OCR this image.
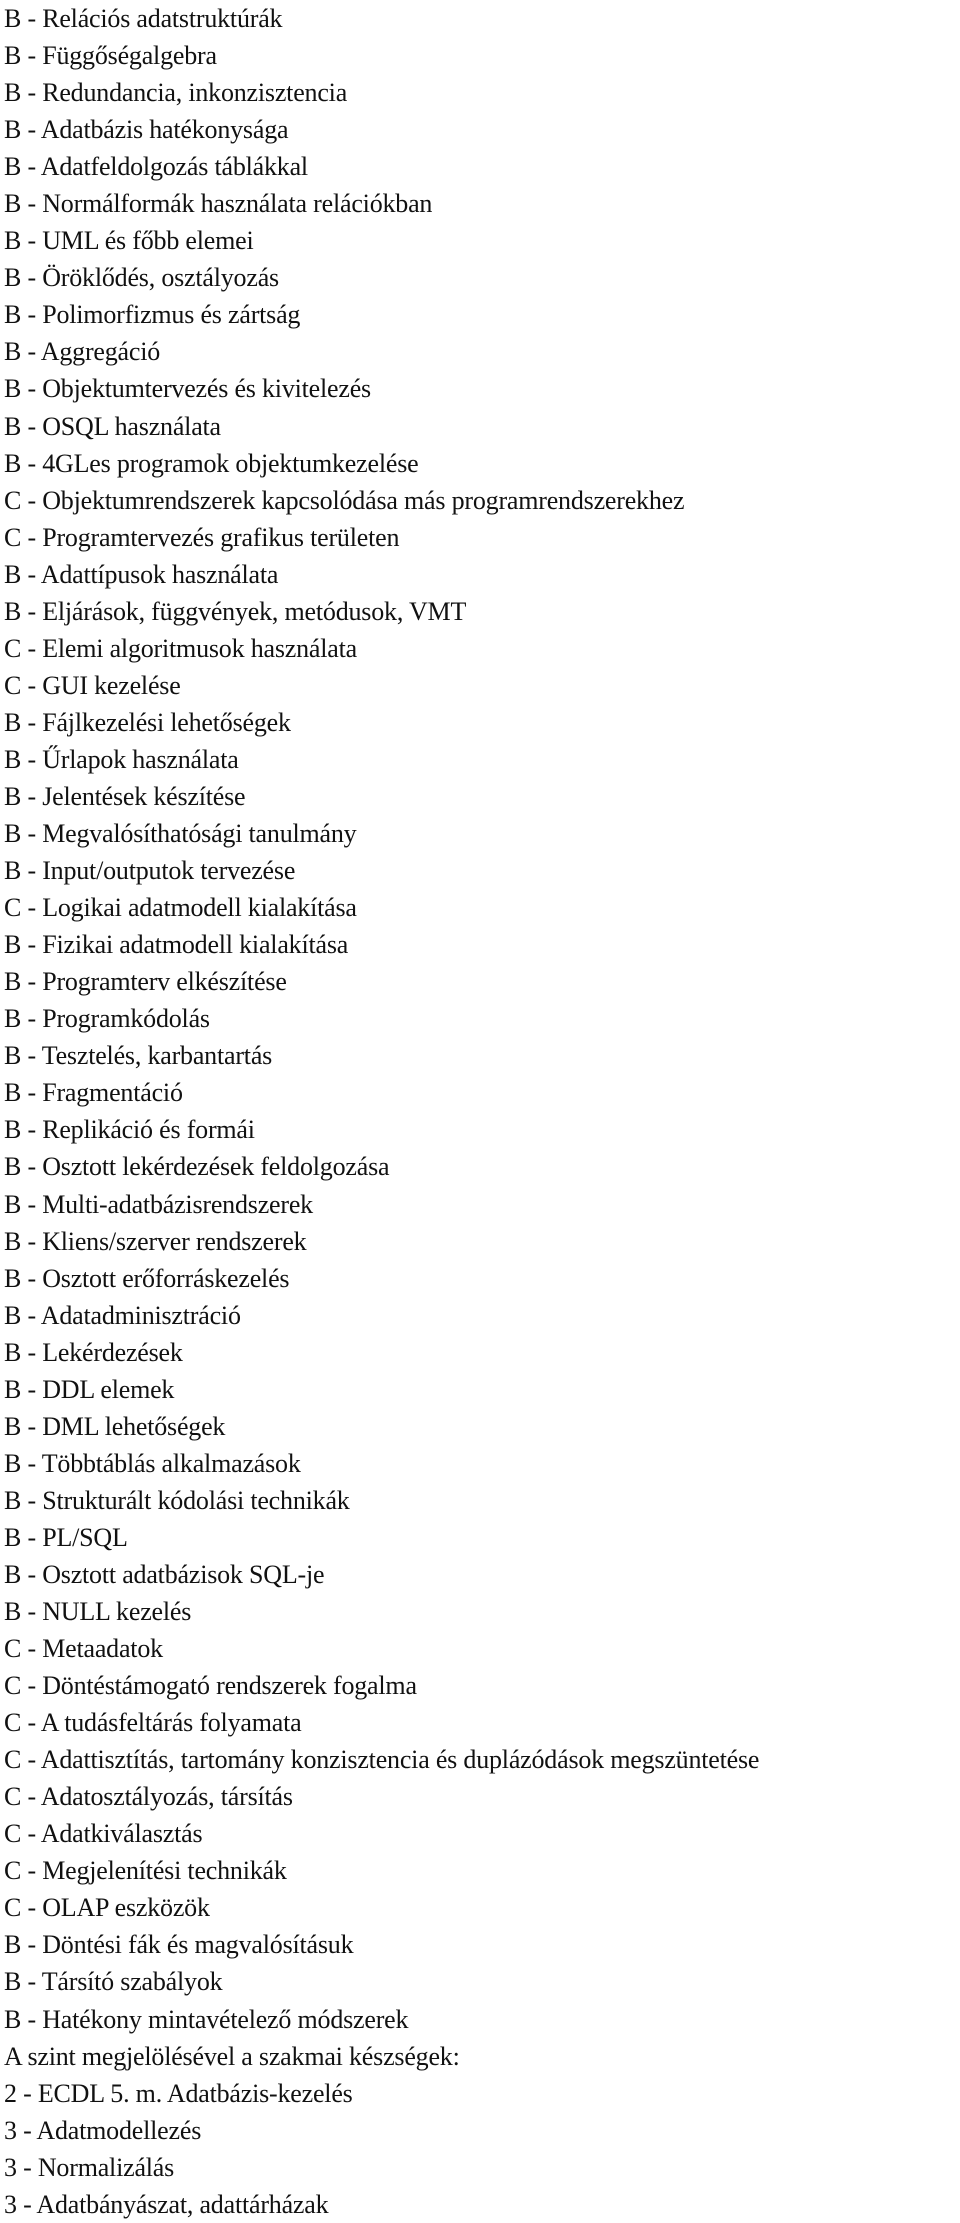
B - Relációs adatstruktúrák
B - Függőségalgebra
B - Redundancia, inkonzisztencia
B - Adatbázis hatékonysága
B - Adatfeldolgozás táblákkal
B - Normálformák használata relációkban
B - UML és főbb elemei
B - Öröklődés, osztályozás
B - Polimorfizmus és zártság
B - Aggregáció
B - Objektumtervezés és kivitelezés
B - OSQL használata
B - 4GLes programok objektumkezelése
C - Objektumrendszerek kapcsolódása más programrendszerekhez
C - Programtervezés grafikus területen
B - Adattípusok használata
B - Eljárások, függvények, metódusok, VMT
C - Elemi algoritmusok használata
C - GUI kezelése
B - Fájlkezelési lehetőségek
B - Űrlapok használata
B - Jelentések készítése
B - Megvalósíthatósági tanulmány
B - Input/outputok tervezése
C - Logikai adatmodell kialakítása
B - Fizikai adatmodell kialakítása
B - Programterv elkészítése
B - Programkódolás
B - Tesztelés, karbantartás
B - Fragmentáció
B - Replikáció és formái
B - Osztott lekérdezések feldolgozása
B - Multi-adatbázisrendszerek
B - Kliens/szerver rendszerek
B - Osztott erőforráskezelés
B - Adatadminisztráció
B - Lekérdezések
B - DDL elemek
B - DML lehetőségek
B - Többtáblás alkalmazások
B - Strukturált kódolási technikák
B - PL/SQL
B - Osztott adatbázisok SQL-je
B - NULL kezelés
C - Metaadatok
C - Döntéstámogató rendszerek fogalma
C - A tudásfeltárás folyamata
C - Adattisztítás, tartomány konzisztencia és duplázódások megszüntetése
C - Adatosztályozás, társítás
C - Adatkiválasztás
C - Megjelenítési technikák
C - OLAP eszközök
B - Döntési fák és magvalósításuk
B - Társító szabályok
B - Hatékony mintavételező módszerek
A szint megjelölésével a szakmai készségek:
2 - ECDL 5. m. Adatbázis-kezelés
3 - Adatmodellezés
3 - Normalizálás
3 - Adatbányászat, adattárházak
